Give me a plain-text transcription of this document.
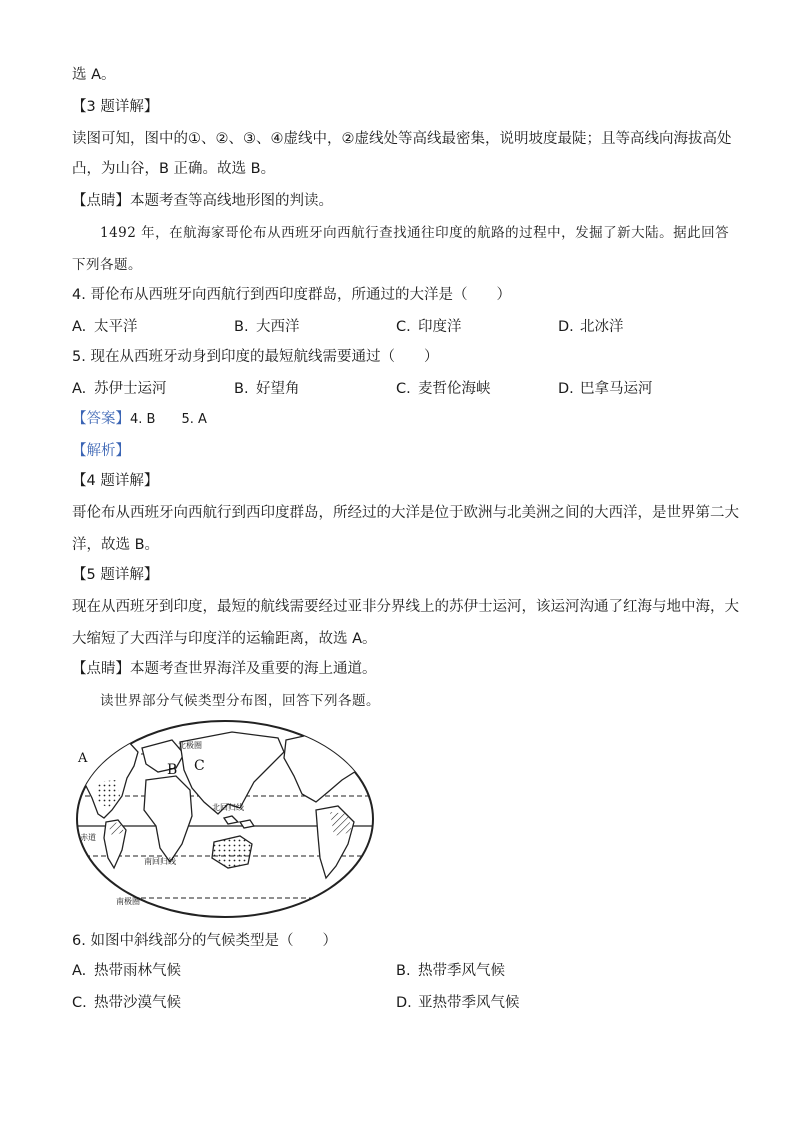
选 A。
【3 题详解】
读图可知，图中的①、②、③、④虚线中，②虚线处等高线最密集，说明坡度最陡；且等高线向海拔高处
凸，为山谷，B 正确。故选 B。
【点睛】本题考查等高线地形图的判读。
1492 年，在航海家哥伦布从西班牙向西航行查找通往印度的航路的过程中，发掘了新大陆。据此回答
下列各题。
4. 哥伦布从西班牙向西航行到西印度群岛，所通过的大洋是（　　）
A. 太平洋	B. 大西洋	C. 印度洋	D. 北冰洋
5. 现在从西班牙动身到印度的最短航线需要通过（　　）
A. 苏伊士运河	B. 好望角	C. 麦哲伦海峡	D. 巴拿马运河
【答案】4. B　　5. A
【解析】
【4 题详解】
哥伦布从西班牙向西航行到西印度群岛，所经过的大洋是位于欧洲与北美洲之间的大西洋，是世界第二大
洋，故选 B。
【5 题详解】
现在从西班牙到印度，最短的航线需要经过亚非分界线上的苏伊士运河，该运河沟通了红海与地中海，大
大缩短了大西洋与印度洋的运输距离，故选 A。
【点睛】本题考查世界海洋及重要的海上通道。
读世界部分气候类型分布图，回答下列各题。
A
B C
北极圈
北回归线
赤道
南回归线
南极圈
6. 如图中斜线部分的气候类型是（　　）
A. 热带雨林气候	B. 热带季风气候
C. 热带沙漠气候	D. 亚热带季风气候
